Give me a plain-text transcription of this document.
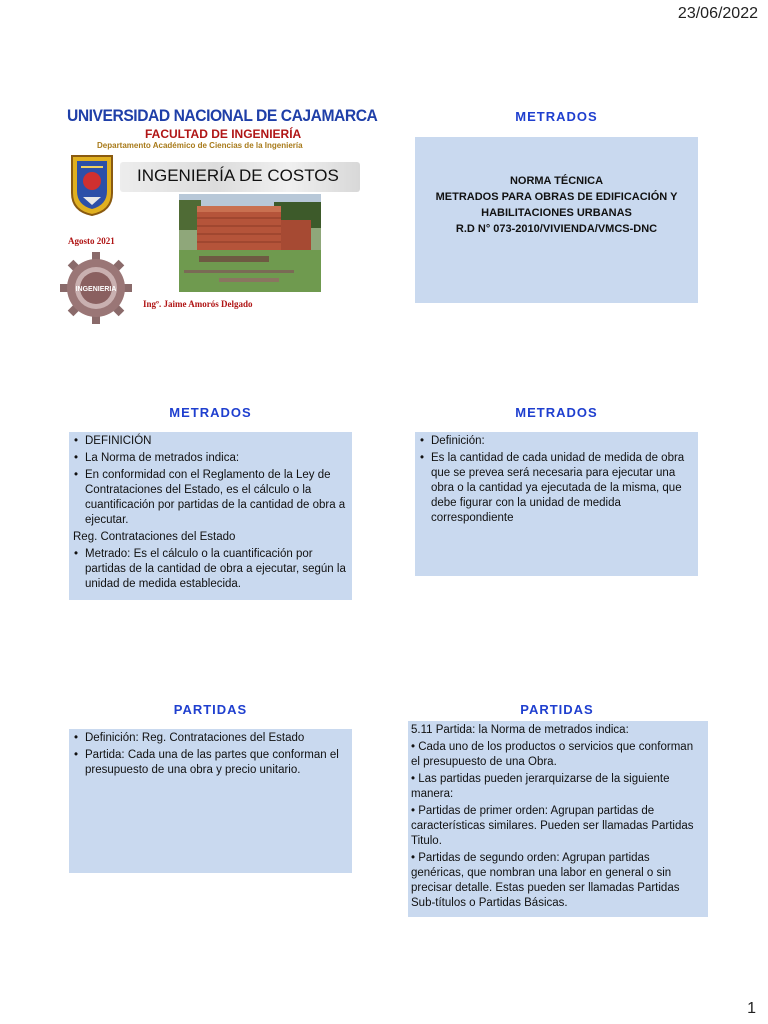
23/06/2022
UNIVERSIDAD NACIONAL DE CAJAMARCA
FACULTAD DE INGENIERÍA
Departamento Académico de Ciencias de la Ingeniería
INGENIERÍA DE COSTOS
Agosto 2021
INGENIERIA
Ingº. Jaime Amorós Delgado
METRADOS
NORMA TÉCNICA
METRADOS PARA OBRAS DE EDIFICACIÓN Y
HABILITACIONES URBANAS
R.D N° 073-2010/VIVIENDA/VMCS-DNC
METRADOS
• DEFINICIÓN
• La Norma de metrados indica:
• En conformidad con el Reglamento de la Ley de Contrataciones del Estado, es el cálculo o la cuantificación por partidas de la cantidad de obra a ejecutar.
Reg. Contrataciones del Estado
• Metrado: Es el cálculo o la cuantificación por partidas de la cantidad de obra a ejecutar, según la unidad de medida establecida.
METRADOS
• Definición:
• Es la cantidad de cada unidad de medida de obra que se prevea será necesaria para ejecutar una obra o la cantidad ya ejecutada de la misma, que debe figurar con la unidad de medida correspondiente
PARTIDAS
• Definición: Reg. Contrataciones del Estado
• Partida: Cada una de las partes que conforman el presupuesto de una obra y precio unitario.
PARTIDAS

5.11 Partida: la Norma de metrados indica:

• Cada uno de los productos o servicios que conforman el presupuesto de una Obra.

• Las partidas pueden jerarquizarse de la siguiente manera:

• Partidas de primer orden: Agrupan partidas de características similares. Pueden ser llamadas Partidas Titulo.

• Partidas de segundo orden: Agrupan partidas genéricas, que nombran una labor en general o sin precisar detalle. Estas pueden ser llamadas Partidas Sub-títulos o Partidas Básicas.

1
